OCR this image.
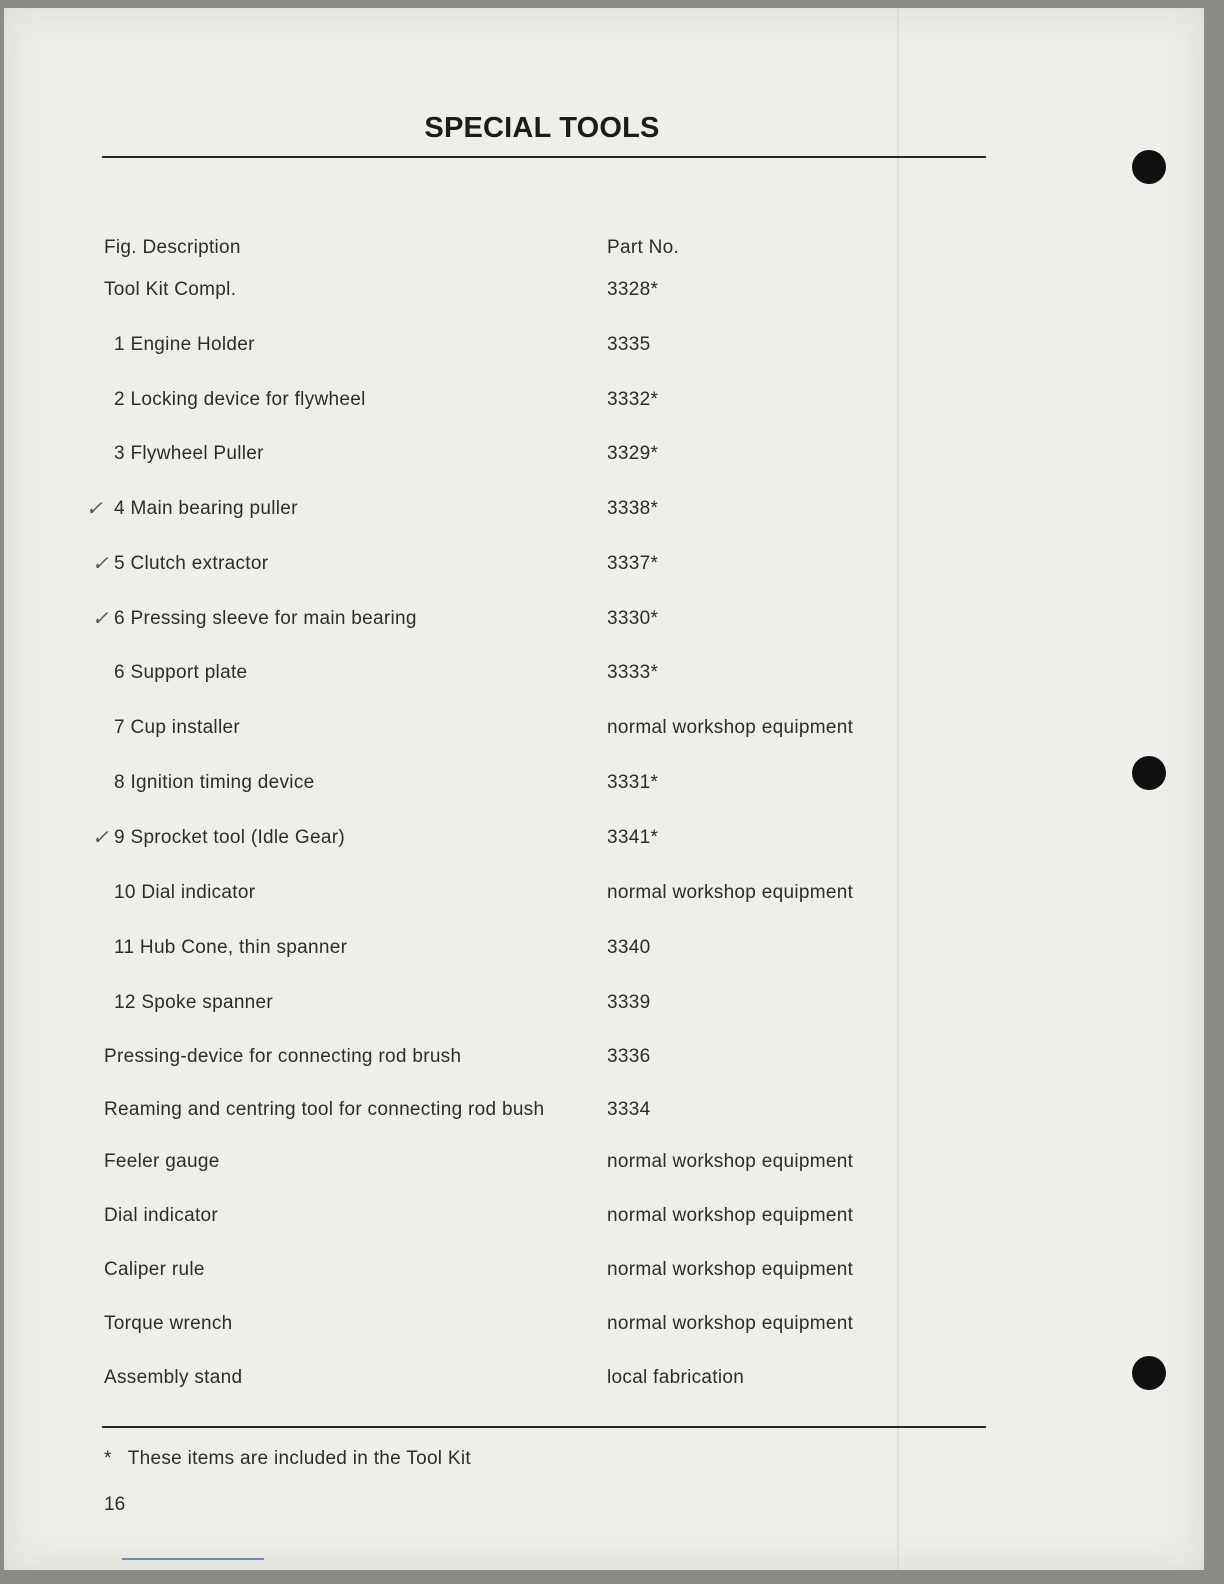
SPECIAL TOOLS
Fig. Description	Part No.
Tool Kit Compl.	3328*
1 Engine Holder	3335
2 Locking device for flywheel	3332*
3 Flywheel Puller	3329*
4 Main bearing puller	3338*
✓
5 Clutch extractor	3337*
✓
6 Pressing sleeve for main bearing	3330*
✓
6 Support plate	3333*
7 Cup installer	normal workshop equipment
8 Ignition timing device	3331*
9 Sprocket tool (Idle Gear)	3341*
✓
10 Dial indicator	normal workshop equipment
11 Hub Cone, thin spanner	3340
12 Spoke spanner	3339
Pressing-device for connecting rod brush	3336
Reaming and centring tool for connecting rod bush	3334
Feeler gauge	normal workshop equipment
Dial indicator	normal workshop equipment
Caliper rule	normal workshop equipment
Torque wrench	normal workshop equipment
Assembly stand	local fabrication
* These items are included in the Tool Kit
16
